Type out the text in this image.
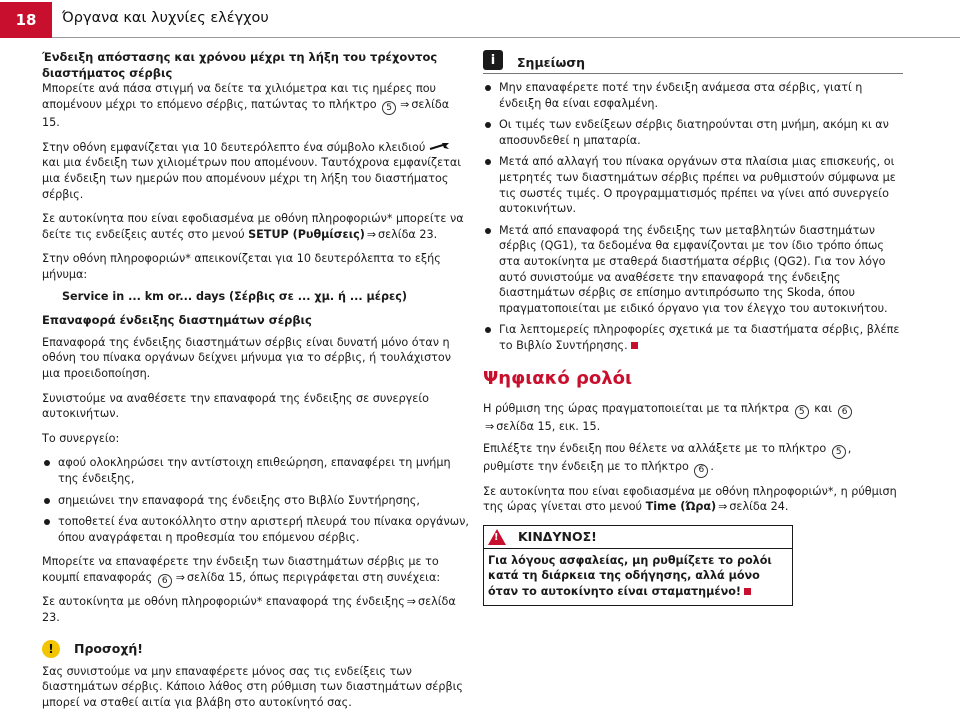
18	Όργανα και λυχνίες ελέγχου
Ένδειξη απόστασης και χρόνου μέχρι τη λήξη του τρέχοντος διαστήματος σέρβις

Μπορείτε ανά πάσα στιγμή να δείτε τα χιλιόμετρα και τις ημέρες που απομένουν μέχρι το επόμενο σέρβις, πατώντας το πλήκτρο 5 ⇒ σελίδα 15.

Στην οθόνη εμφανίζεται για 10 δευτερόλεπτο ένα σύμβολο κλειδιού  και μια ένδειξη των χιλιομέτρων που απομένουν. Ταυτόχρονα εμφανίζεται μια ένδειξη των ημερών που απομένουν μέχρι τη λήξη του διαστήματος σέρβις.

Σε αυτοκίνητα που είναι εφοδιασμένα με οθόνη πληροφοριών* μπορείτε να δείτε τις ενδείξεις αυτές στο μενού SETUP (Ρυθμίσεις) ⇒ σελίδα 23.

Στην οθόνη πληροφοριών* απεικονίζεται για 10 δευτερόλεπτα το εξής μήνυμα:

Service in ... km or... days (Σέρβις σε ... χμ. ή ... μέρες)

Επαναφορά ένδειξης διαστημάτων σέρβις

Επαναφορά της ένδειξης διαστημάτων σέρβις είναι δυνατή μόνο όταν η οθόνη του πίνακα οργάνων δείχνει μήνυμα για το σέρβις, ή τουλάχιστον μια προειδοποίηση.

Συνιστούμε να αναθέσετε την επαναφορά της ένδειξης σε συνεργείο αυτοκινήτων.

Το συνεργείο:

αφού ολοκληρώσει την αντίστοιχη επιθεώρηση, επαναφέρει τη μνήμη της ένδειξης,
σημειώνει την επαναφορά της ένδειξης στο Βιβλίο Συντήρησης,
τοποθετεί ένα αυτοκόλλητο στην αριστερή πλευρά του πίνακα οργάνων, όπου αναγράφεται η προθεσμία του επόμενου σέρβις.

Μπορείτε να επαναφέρετε την ένδειξη των διαστημάτων σέρβις με το κουμπί επαναφοράς 6 ⇒ σελίδα 15, όπως περιγράφεται στη συνέχεια:

Σε αυτοκίνητα με οθόνη πληροφοριών* επαναφορά της ένδειξης ⇒ σελίδα 23.

!	Προσοχή!

Σας συνιστούμε να μην επαναφέρετε μόνος σας τις ενδείξεις των διαστημάτων σέρβις. Κάποιο λάθος στη ρύθμιση των διαστημάτων σέρβις μπορεί να σταθεί αιτία για βλάβη στο αυτοκίνητό σας.

i	Σημείωση
Μην επαναφέρετε ποτέ την ένδειξη ανάμεσα στα σέρβις, γιατί η ένδειξη θα είναι εσφαλμένη.
Οι τιμές των ενδείξεων σέρβις διατηρούνται στη μνήμη, ακόμη κι αν αποσυνδεθεί η μπαταρία.
Μετά από αλλαγή του πίνακα οργάνων στα πλαίσια μιας επισκευής, οι μετρητές των διαστημάτων σέρβις πρέπει να ρυθμιστούν σύμφωνα με τις σωστές τιμές. Ο προγραμματισμός πρέπει να γίνει από συνεργείο αυτοκινήτων.
Μετά από επαναφορά της ένδειξης των μεταβλητών διαστημάτων σέρβις (QG1), τα δεδομένα θα εμφανίζονται με τον ίδιο τρόπο όπως στα αυτοκίνητα με σταθερά διαστήματα σέρβις (QG2). Για τον λόγο αυτό συνιστούμε να αναθέσετε την επαναφορά της ένδειξης διαστημάτων σέρβις σε επίσημο αντιπρόσωπο της Skoda, όπου πραγματοποιείται με ειδικό όργανο για τον έλεγχο του αυτοκινήτου.
Για λεπτομερείς πληροφορίες σχετικά με τα διαστήματα σέρβις, βλέπε το Βιβλίο Συντήρησης.
Ψηφιακό ρολόι

Η ρύθμιση της ώρας πραγματοποιείται με τα πλήκτρα 5 και 6⇒ σελίδα 15, εικ. 15.

Επιλέξτε την ένδειξη που θέλετε να αλλάξετε με το πλήκτρο 5 , ρυθμίστε την ένδειξη με το πλήκτρο 6 .

Σε αυτοκίνητα που είναι εφοδιασμένα με οθόνη πληροφοριών*, η ρύθμιση της ώρας γίνεται στο μενού Time (Ώρα) ⇒ σελίδα 24.

! ΚΙΝΔΥΝΟΣ!
Για λόγους ασφαλείας, μη ρυθμίζετε το ρολόι κατά τη διάρκεια της οδήγησης, αλλά μόνο όταν το αυτοκίνητο είναι σταματημένο!
